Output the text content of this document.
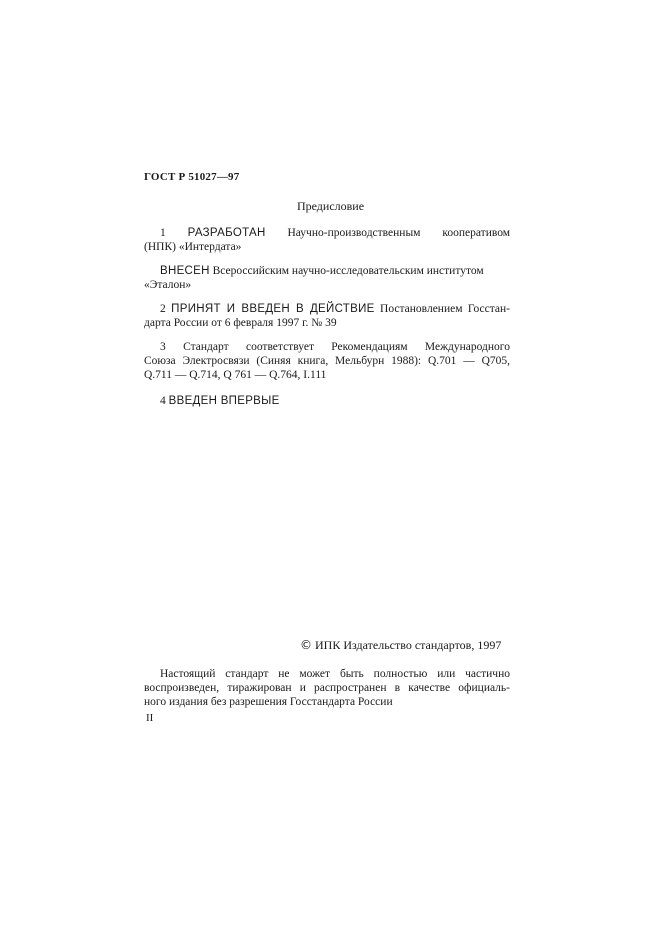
ГОСТ Р 51027—97
Предисловие
1 РАЗРАБОТАН Научно-производственным кооперативом
(НПК) «Интердата»
ВНЕСЕН Всероссийским научно-исследовательским институтом
«Эталон»
2 ПРИНЯТ И ВВЕДЕН В ДЕЙСТВИЕ Постановлением Госстан-
дарта России от 6 февраля 1997 г. № 39
3 Стандарт соответствует Рекомендациям Международного
Союза Электросвязи (Синяя книга, Мельбурн 1988): Q.701 — Q705,
Q.711 — Q.714, Q 761 — Q.764, I.111
4 ВВЕДЕН ВПЕРВЫЕ
© ИПК Издательство стандартов, 1997
Настоящий стандарт не может быть полностью или частично
воспроизведен, тиражирован и распространен в качестве официаль-
ного издания без разрешения Госстандарта России
II
